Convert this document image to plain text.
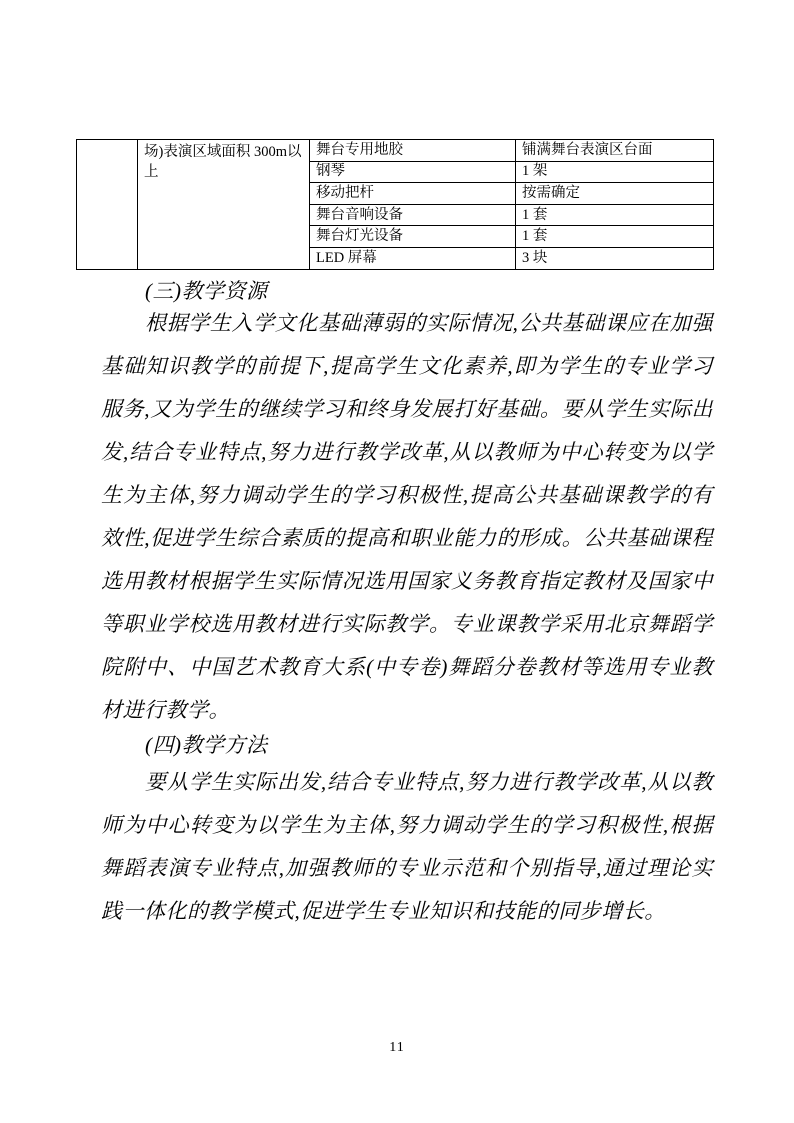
	场)表演区域面积 300m以上	舞台专用地胶	铺满舞台表演区台面
		钢琴	1 架
		移动把杆	按需确定
		舞台音响设备	1 套
		舞台灯光设备	1 套
		LED 屏幕	3 块
(三)教学资源
根据学生入学文化基础薄弱的实际情况,公共基础课应在加强基础知识教学的前提下,提高学生文化素养,即为学生的专业学习服务,又为学生的继续学习和终身发展打好基础。要从学生实际出发,结合专业特点,努力进行教学改革,从以教师为中心转变为以学生为主体,努力调动学生的学习积极性,提高公共基础课教学的有效性,促进学生综合素质的提高和职业能力的形成。公共基础课程选用教材根据学生实际情况选用国家义务教育指定教材及国家中等职业学校选用教材进行实际教学。专业课教学采用北京舞蹈学院附中、中国艺术教育大系(中专卷)舞蹈分卷教材等选用专业教材进行教学。
(四)教学方法
要从学生实际出发,结合专业特点,努力进行教学改革,从以教师为中心转变为以学生为主体,努力调动学生的学习积极性,根据舞蹈表演专业特点,加强教师的专业示范和个别指导,通过理论实践一体化的教学模式,促进学生专业知识和技能的同步增长。
11
